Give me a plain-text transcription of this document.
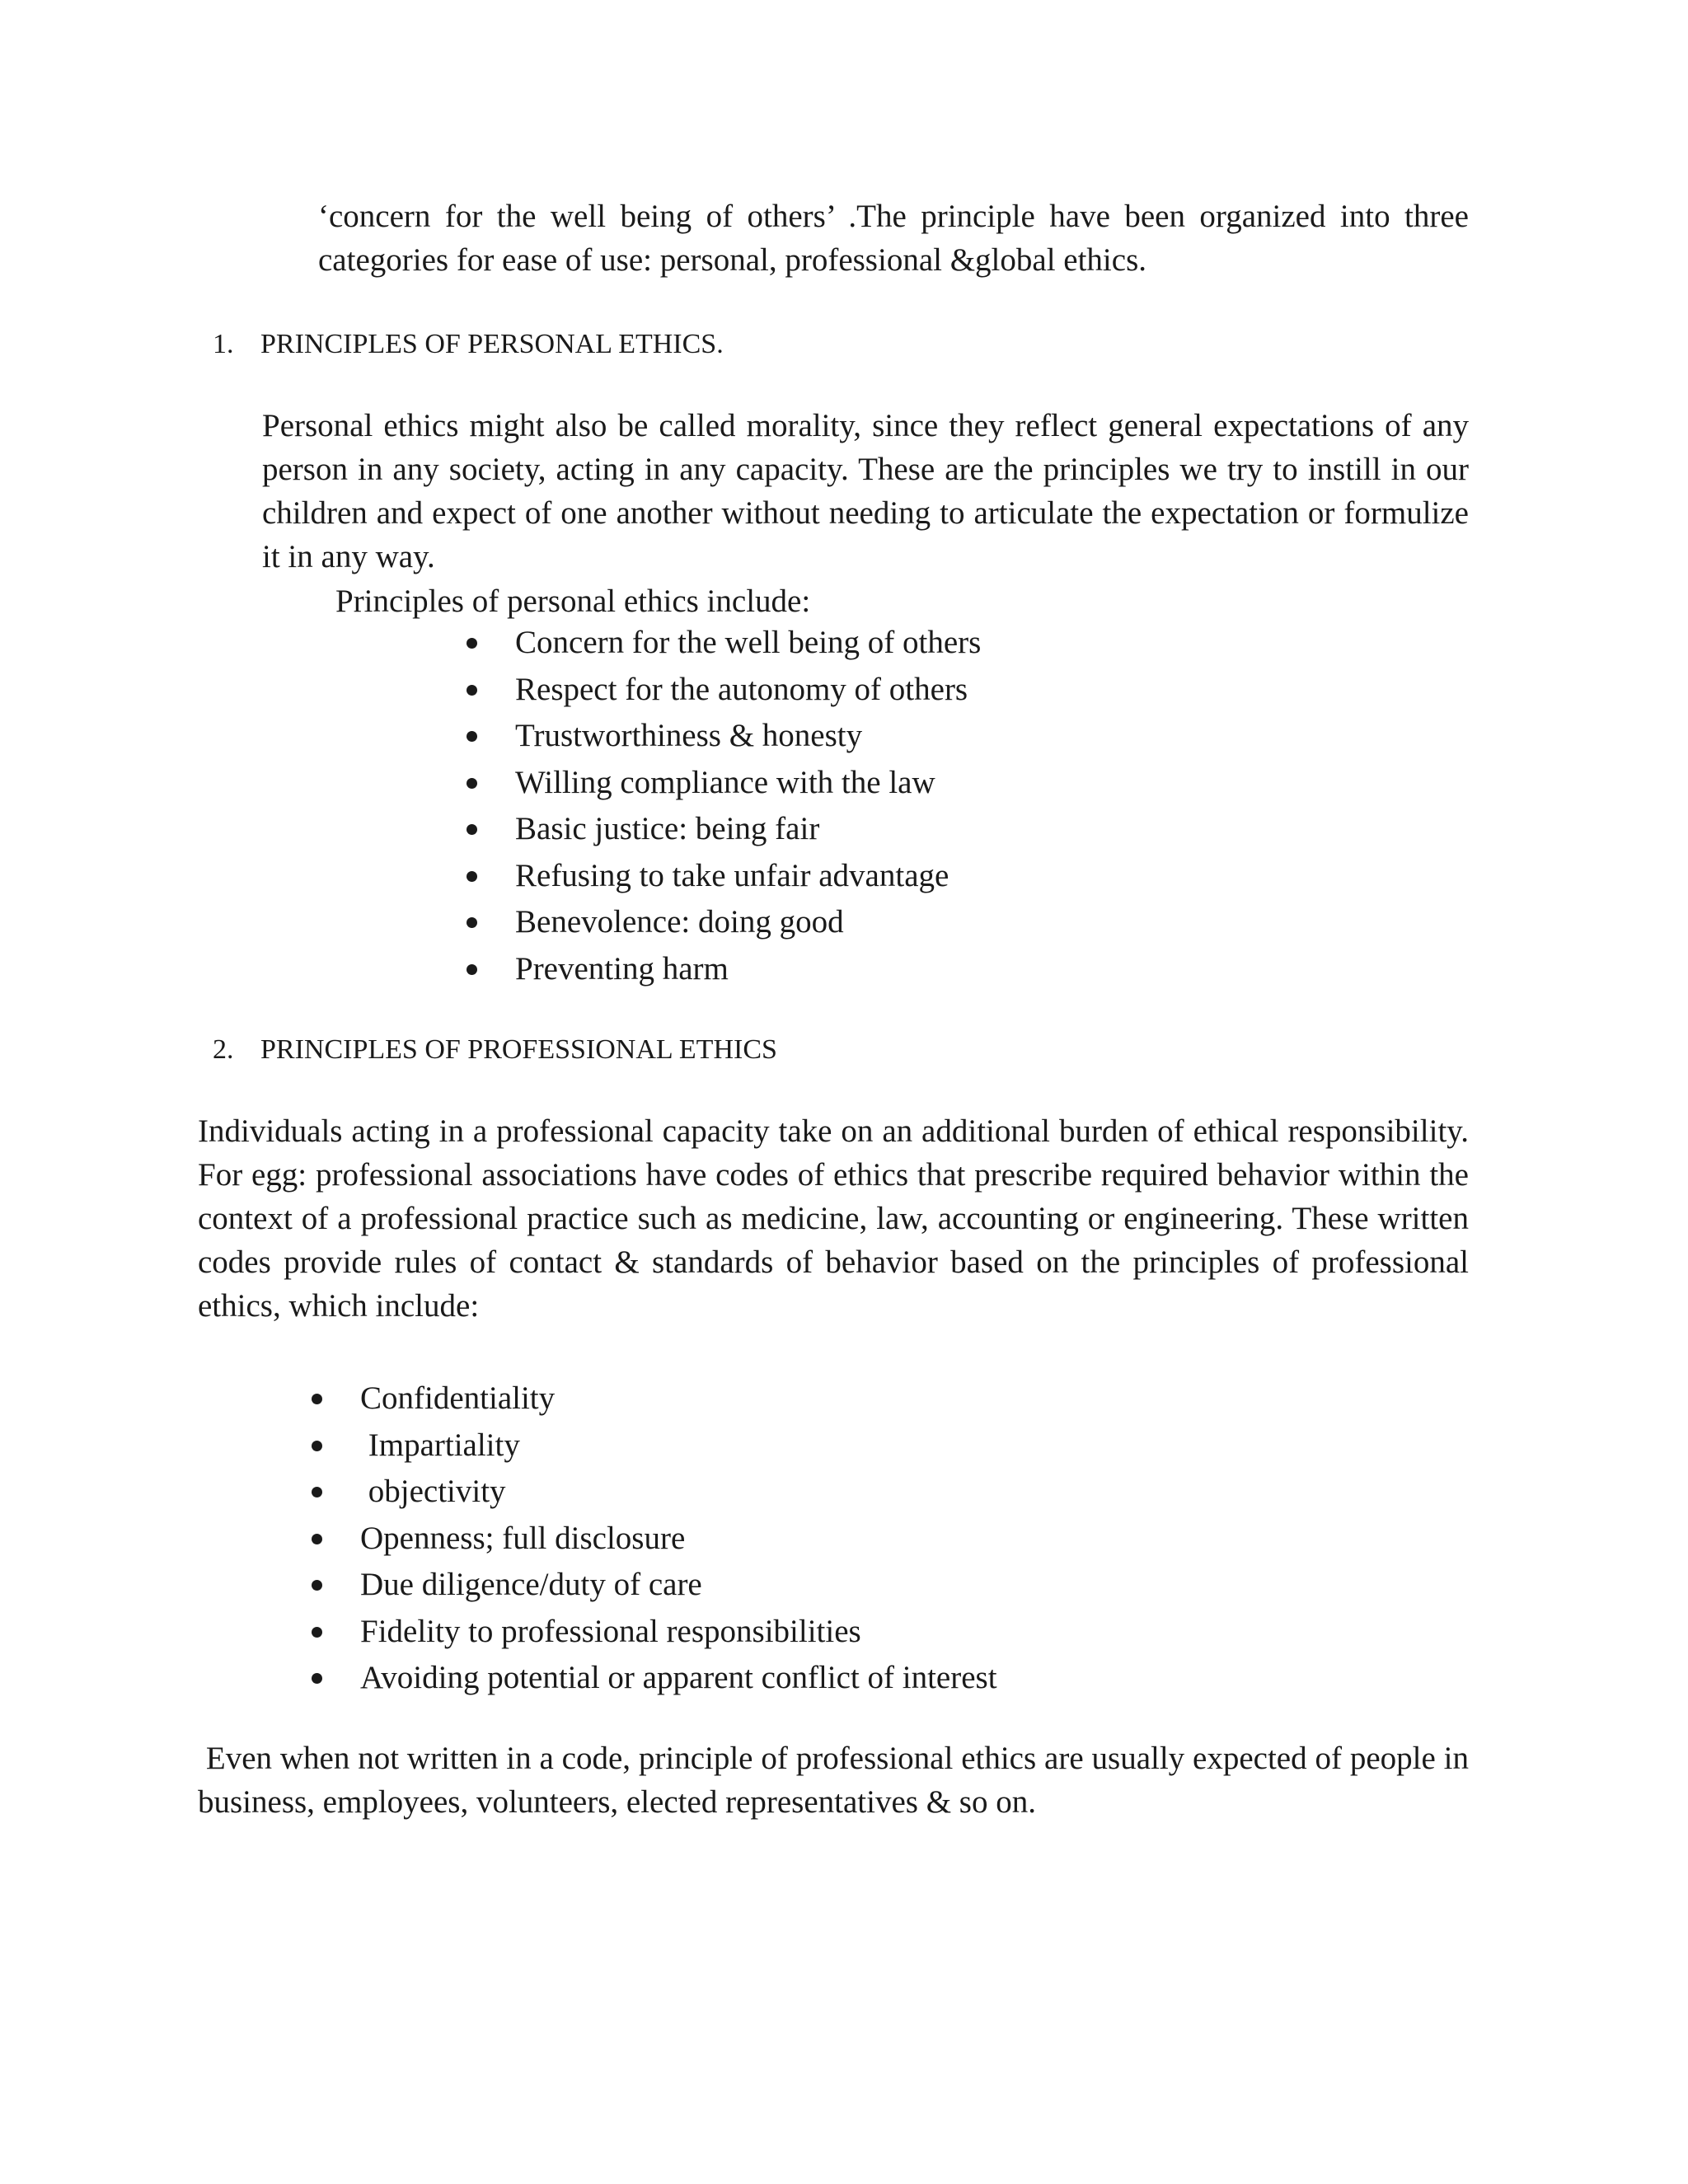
‘concern for the well being of others’ .The principle have been organized into three categories for ease of use: personal, professional &global ethics.

1. PRINCIPLES OF PERSONAL ETHICS.

Personal ethics might also be called morality, since they reflect general expectations of any person in any society, acting in any capacity. These are the principles we try to instill in our children and expect of one another without needing to articulate the expectation or formulize it in any way.

Principles of personal ethics include:

Concern for the well being of others
Respect for the autonomy of others
Trustworthiness & honesty
Willing compliance with the law
Basic justice: being fair
Refusing to take unfair advantage
Benevolence: doing good
Preventing harm
2. PRINCIPLES OF PROFESSIONAL ETHICS

Individuals acting in a professional capacity take on an additional burden of ethical responsibility. For egg: professional associations have codes of ethics that prescribe required behavior within the context of a professional practice such as medicine, law, accounting or engineering. These written codes provide rules of contact & standards of behavior based on the principles of professional ethics, which include:

Confidentiality
Impartiality
objectivity
Openness; full disclosure
Due diligence/duty of care
Fidelity to professional responsibilities
Avoiding potential or apparent conflict of interest

Even when not written in a code, principle of professional ethics are usually expected of people in business, employees, volunteers, elected representatives & so on.
